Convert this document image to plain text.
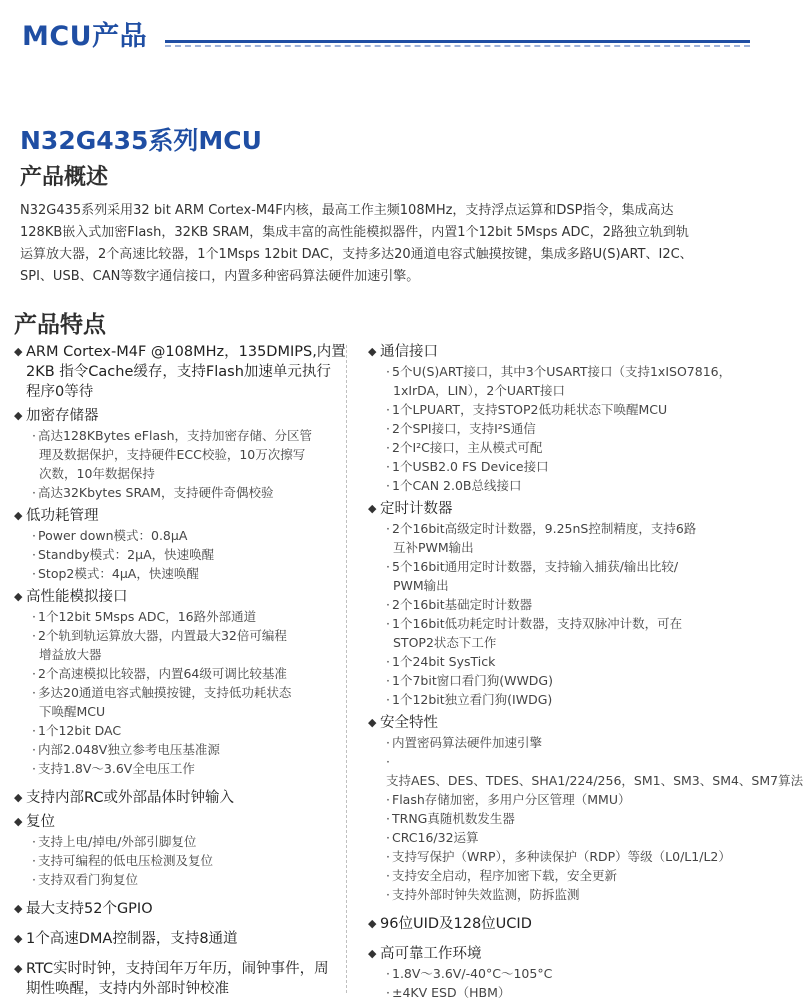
MCU产品
N32G435系列MCU
产品概述
N32G435系列采用32 bit ARM Cortex-M4F内核，最高工作主频108MHz，支持浮点运算和DSP指令，集成高达
128KB嵌入式加密Flash，32KB SRAM，集成丰富的高性能模拟器件，内置1个12bit 5Msps ADC，2路独立轨到轨
运算放大器，2个高速比较器，1个1Msps 12bit DAC，支持多达20通道电容式触摸按键，集成多路U(S)ART、I2C、
SPI、USB、CAN等数字通信接口，内置多种密码算法硬件加速引擎。
产品特点
◆ ARM Cortex-M4F @108MHz，135DMIPS,内置
2KB 指令Cache缓存，支持Flash加速单元执行
程序0等待
◆ 加密存储器
· 高达128KBytes eFlash，支持加密存储、分区管
理及数据保护，支持硬件ECC校验，10万次擦写
次数，10年数据保持
· 高达32Kbytes SRAM，支持硬件奇偶校验
◆ 低功耗管理
· Power down模式：0.8μA
· Standby模式：2μA，快速唤醒
· Stop2模式：4μA，快速唤醒
◆ 高性能模拟接口
· 1个12bit 5Msps ADC，16路外部通道
· 2个轨到轨运算放大器，内置最大32倍可编程
增益放大器
· 2个高速模拟比较器，内置64级可调比较基准
· 多达20通道电容式触摸按键，支持低功耗状态
下唤醒MCU
· 1个12bit DAC
· 内部2.048V独立参考电压基准源
· 支持1.8V～3.6V全电压工作
◆ 支持内部RC或外部晶体时钟输入
◆ 复位
· 支持上电/掉电/外部引脚复位
· 支持可编程的低电压检测及复位
· 支持双看门狗复位
◆ 最大支持52个GPIO
◆ 1个高速DMA控制器，支持8通道
◆ RTC实时时钟，支持闰年万年历，闹钟事件，周
期性唤醒，支持内外部时钟校准
◆ 通信接口
· 5个U(S)ART接口，其中3个USART接口（支持1xISO7816，
1xIrDA，LIN），2个UART接口
· 1个LPUART，支持STOP2低功耗状态下唤醒MCU
· 2个SPI接口，支持I²S通信
· 2个I²C接口，主从模式可配
· 1个USB2.0 FS Device接口
· 1个CAN 2.0B总线接口
◆ 定时计数器
· 2个16bit高级定时计数器，9.25nS控制精度，支持6路
互补PWM输出
· 5个16bit通用定时计数器，支持输入捕获/输出比较/
PWM输出
· 2个16bit基础定时计数器
· 1个16bit低功耗定时计数器，支持双脉冲计数，可在
STOP2状态下工作
· 1个24bit SysTick
· 1个7bit窗口看门狗(WWDG)
· 1个12bit独立看门狗(IWDG)
◆ 安全特性
· 内置密码算法硬件加速引擎
·支持AES、DES、TDES、SHA1/224/256，SM1、SM3、SM4、SM7算法
· Flash存储加密，多用户分区管理（MMU）
· TRNG真随机数发生器
· CRC16/32运算
· 支持写保护（WRP），多种读保护（RDP）等级（L0/L1/L2）
· 支持安全启动，程序加密下载，安全更新
· 支持外部时钟失效监测，防拆监测
◆ 96位UID及128位UCID
◆ 高可靠工作环境
· 1.8V～3.6V/-40°C～105°C
· ±4KV ESD（HBM）
